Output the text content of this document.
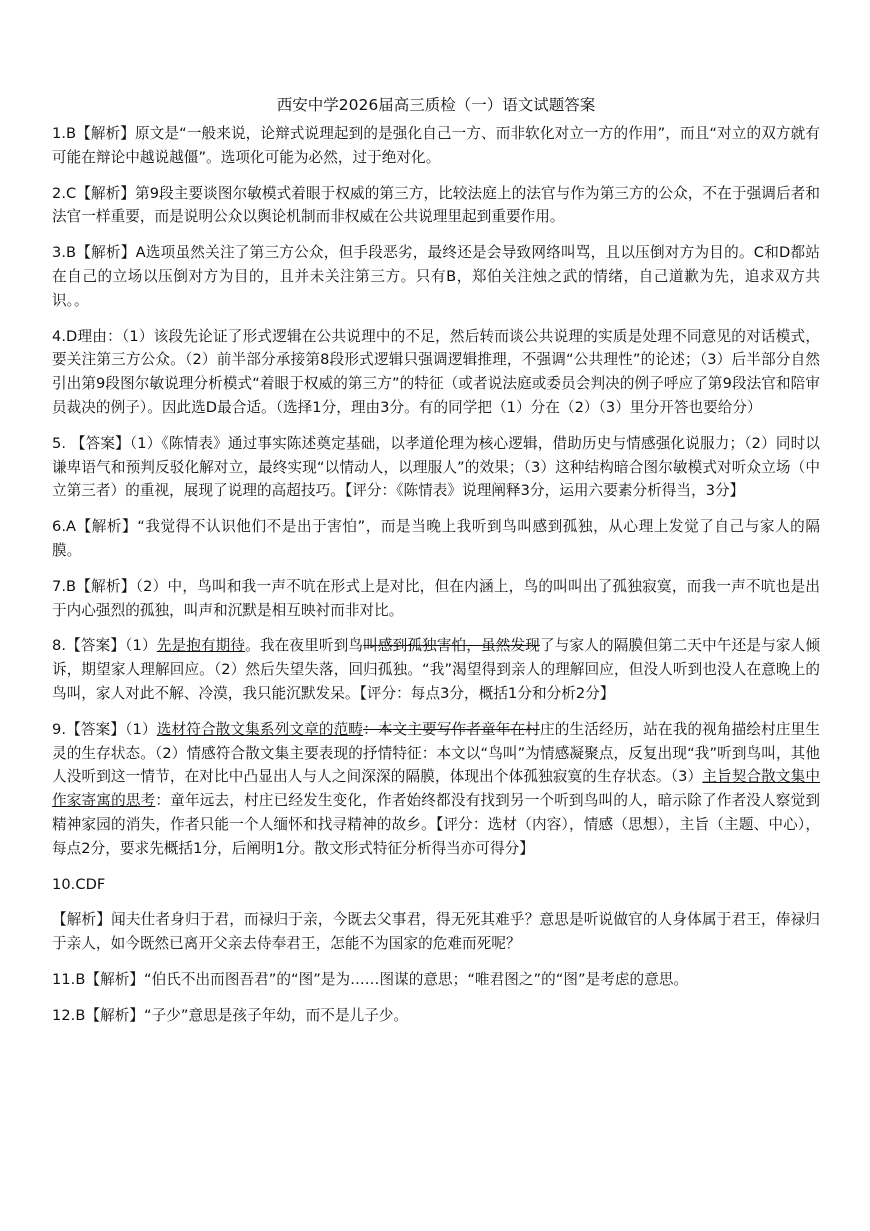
西安中学2026届高三质检（一）语文试题答案

1.B【解析】原文是“一般来说，论辩式说理起到的是强化自己一方、而非软化对立一方的作用”，而且“对立的双方就有可能在辩论中越说越僵”。选项化可能为必然，过于绝对化。

2.C【解析】第9段主要谈图尔敏模式着眼于权威的第三方，比较法庭上的法官与作为第三方的公众，不在于强调后者和法官一样重要，而是说明公众以舆论机制而非权威在公共说理里起到重要作用。

3.B【解析】A选项虽然关注了第三方公众，但手段恶劣，最终还是会导致网络叫骂，且以压倒对方为目的。C和D都站在自己的立场以压倒对方为目的，且并未关注第三方。只有B，郑伯关注烛之武的情绪，自己道歉为先，追求双方共识。。

4.D理由：（1）该段先论证了形式逻辑在公共说理中的不足，然后转而谈公共说理的实质是处理不同意见的对话模式，要关注第三方公众。（2）前半部分承接第8段形式逻辑只强调逻辑推理，不强调“公共理性”的论述；（3）后半部分自然引出第9段图尔敏说理分析模式“着眼于权威的第三方”的特征（或者说法庭或委员会判决的例子呼应了第9段法官和陪审员裁决的例子）。因此选D最合适。（选择1分，理由3分。有的同学把（1）分在（2）（3）里分开答也要给分）

5. 【答案】（1）《陈情表》通过事实陈述奠定基础，以孝道伦理为核心逻辑，借助历史与情感强化说服力；（2）同时以谦卑语气和预判反驳化解对立，最终实现“以情动人，以理服人”的效果；（3）这种结构暗合图尔敏模式对听众立场（中立第三者）的重视，展现了说理的高超技巧。【评分：《陈情表》说理阐释3分，运用六要素分析得当，3分】

6.A【解析】“我觉得不认识他们不是出于害怕”，而是当晚上我听到鸟叫感到孤独，从心理上发觉了自己与家人的隔膜。

7.B【解析】（2）中，鸟叫和我一声不吭在形式上是对比，但在内涵上，鸟的叫叫出了孤独寂寞，而我一声不吭也是出于内心强烈的孤独，叫声和沉默是相互映衬而非对比。

8.【答案】（1）先是抱有期待。我在夜里听到鸟叫感到孤独害怕，虽然发现了与家人的隔膜但第二天中午还是与家人倾诉，期望家人理解回应。（2）然后失望失落，回归孤独。“我”渴望得到亲人的理解回应，但没人听到也没人在意晚上的鸟叫，家人对此不解、冷漠，我只能沉默发呆。【评分：每点3分，概括1分和分析2分】

9.【答案】（1）选材符合散文集系列文章的范畴：本文主要写作者童年在村庄的生活经历，站在我的视角描绘村庄里生灵的生存状态。（2）情感符合散文集主要表现的抒情特征：本文以“鸟叫”为情感凝聚点，反复出现“我”听到鸟叫，其他人没听到这一情节，在对比中凸显出人与人之间深深的隔膜，体现出个体孤独寂寞的生存状态。（3）主旨契合散文集中作家寄寓的思考：童年远去，村庄已经发生变化，作者始终都没有找到另一个听到鸟叫的人，暗示除了作者没人察觉到精神家园的消失，作者只能一个人缅怀和找寻精神的故乡。【评分：选材（内容），情感（思想），主旨（主题、中心），每点2分，要求先概括1分，后阐明1分。散文形式特征分析得当亦可得分】

10.CDF

【解析】闻夫仕者身归于君，而禄归于亲，今既去父事君，得无死其难乎？意思是听说做官的人身体属于君王，俸禄归于亲人，如今既然已离开父亲去侍奉君王，怎能不为国家的危难而死呢？

11.B【解析】“伯氏不出而图吾君”的“图”是为……图谋的意思；“唯君图之”的“图”是考虑的意思。

12.B【解析】“子少”意思是孩子年幼，而不是儿子少。
